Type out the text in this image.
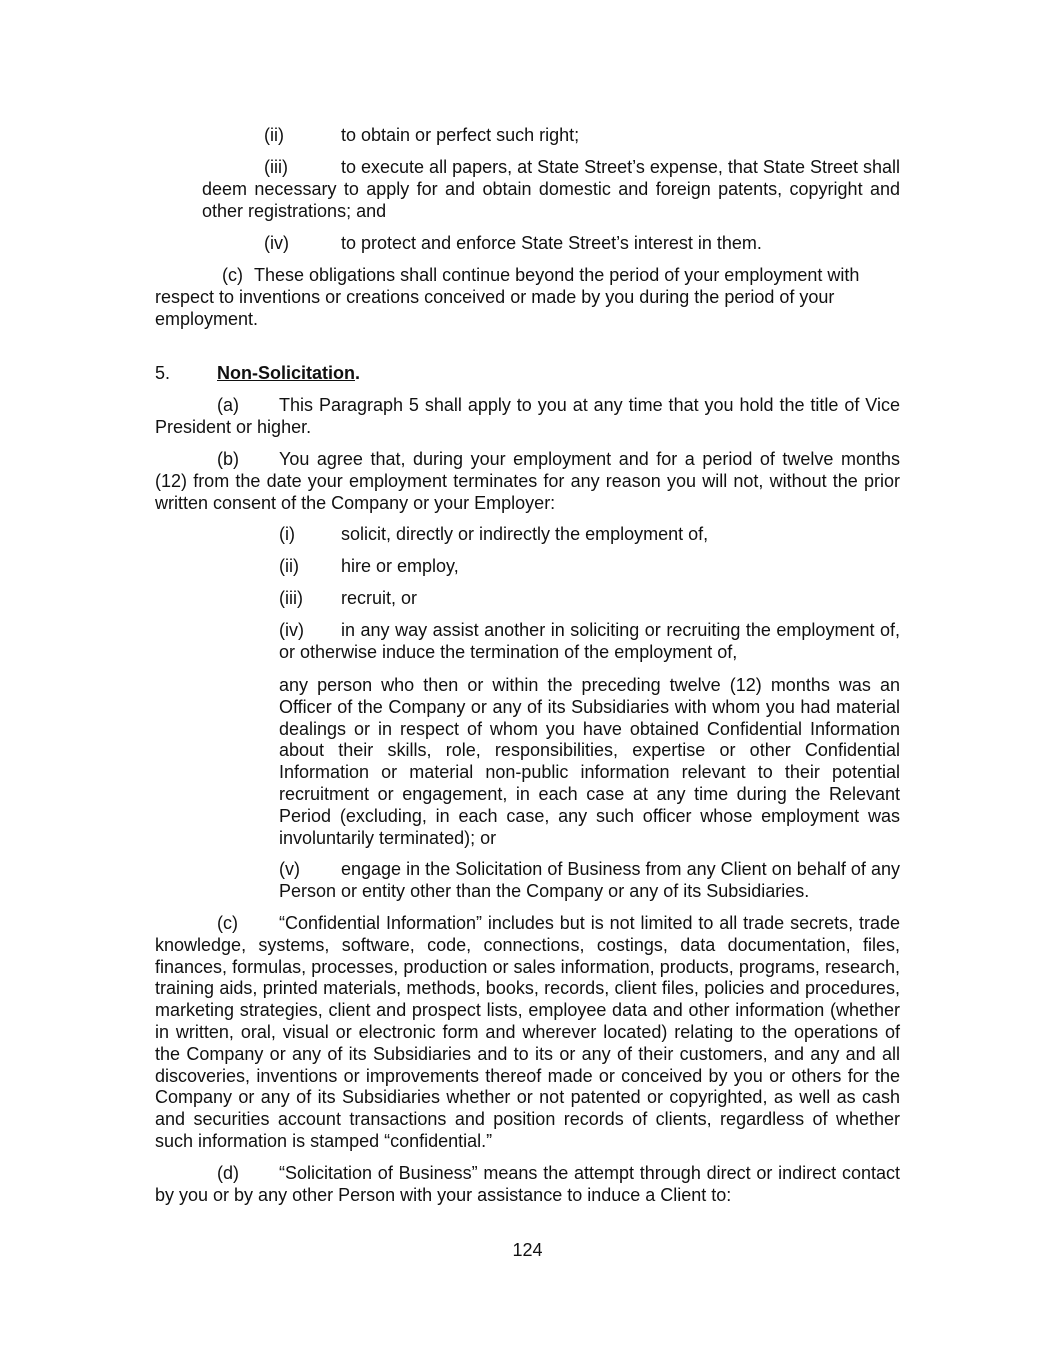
(ii)	to obtain or perfect such right;
(iii)	to execute all papers, at State Street’s expense, that State Street shall deem necessary to apply for and obtain domestic and foreign patents, copyright and other registrations; and
(iv)	to protect and enforce State Street’s interest in them.
(c) These obligations shall continue beyond the period of your employment with respect to inventions or creations conceived or made by you during the period of your employment.
5.	Non-Solicitation.
(a) This Paragraph 5 shall apply to you at any time that you hold the title of Vice President or higher.
(b) You agree that, during your employment and for a period of twelve months (12) from the date your employment terminates for any reason you will not, without the prior written consent of the Company or your Employer:
(i)	solicit, directly or indirectly the employment of,
(ii) hire or employ,
(iii) recruit, or
(iv) in any way assist another in soliciting or recruiting the employment of, or otherwise induce the termination of the employment of,
any person who then or within the preceding twelve (12) months was an Officer of the Company or any of its Subsidiaries with whom you had material dealings or in respect of whom you have obtained Confidential Information about their skills, role, responsibilities, expertise or other Confidential Information or material non-public information relevant to their potential recruitment or engagement, in each case at any time during the Relevant Period (excluding, in each case, any such officer whose employment was involuntarily terminated); or
(v) engage in the Solicitation of Business from any Client on behalf of any Person or entity other than the Company or any of its Subsidiaries.
(c) “Confidential Information” includes but is not limited to all trade secrets, trade knowledge, systems, software, code, connections, costings, data documentation, files, finances, formulas, processes, production or sales information, products, programs, research, training aids, printed materials, methods, books, records, client files, policies and procedures, marketing strategies, client and prospect lists, employee data and other information (whether in written, oral, visual or electronic form and wherever located) relating to the operations of the Company or any of its Subsidiaries and to its or any of their customers, and any and all discoveries, inventions or improvements thereof made or conceived by you or others for the Company or any of its Subsidiaries whether or not patented or copyrighted, as well as cash and securities account transactions and position records of clients, regardless of whether such information is stamped “confidential.”
(d) “Solicitation of Business” means the attempt through direct or indirect contact by you or by any other Person with your assistance to induce a Client to:
124
